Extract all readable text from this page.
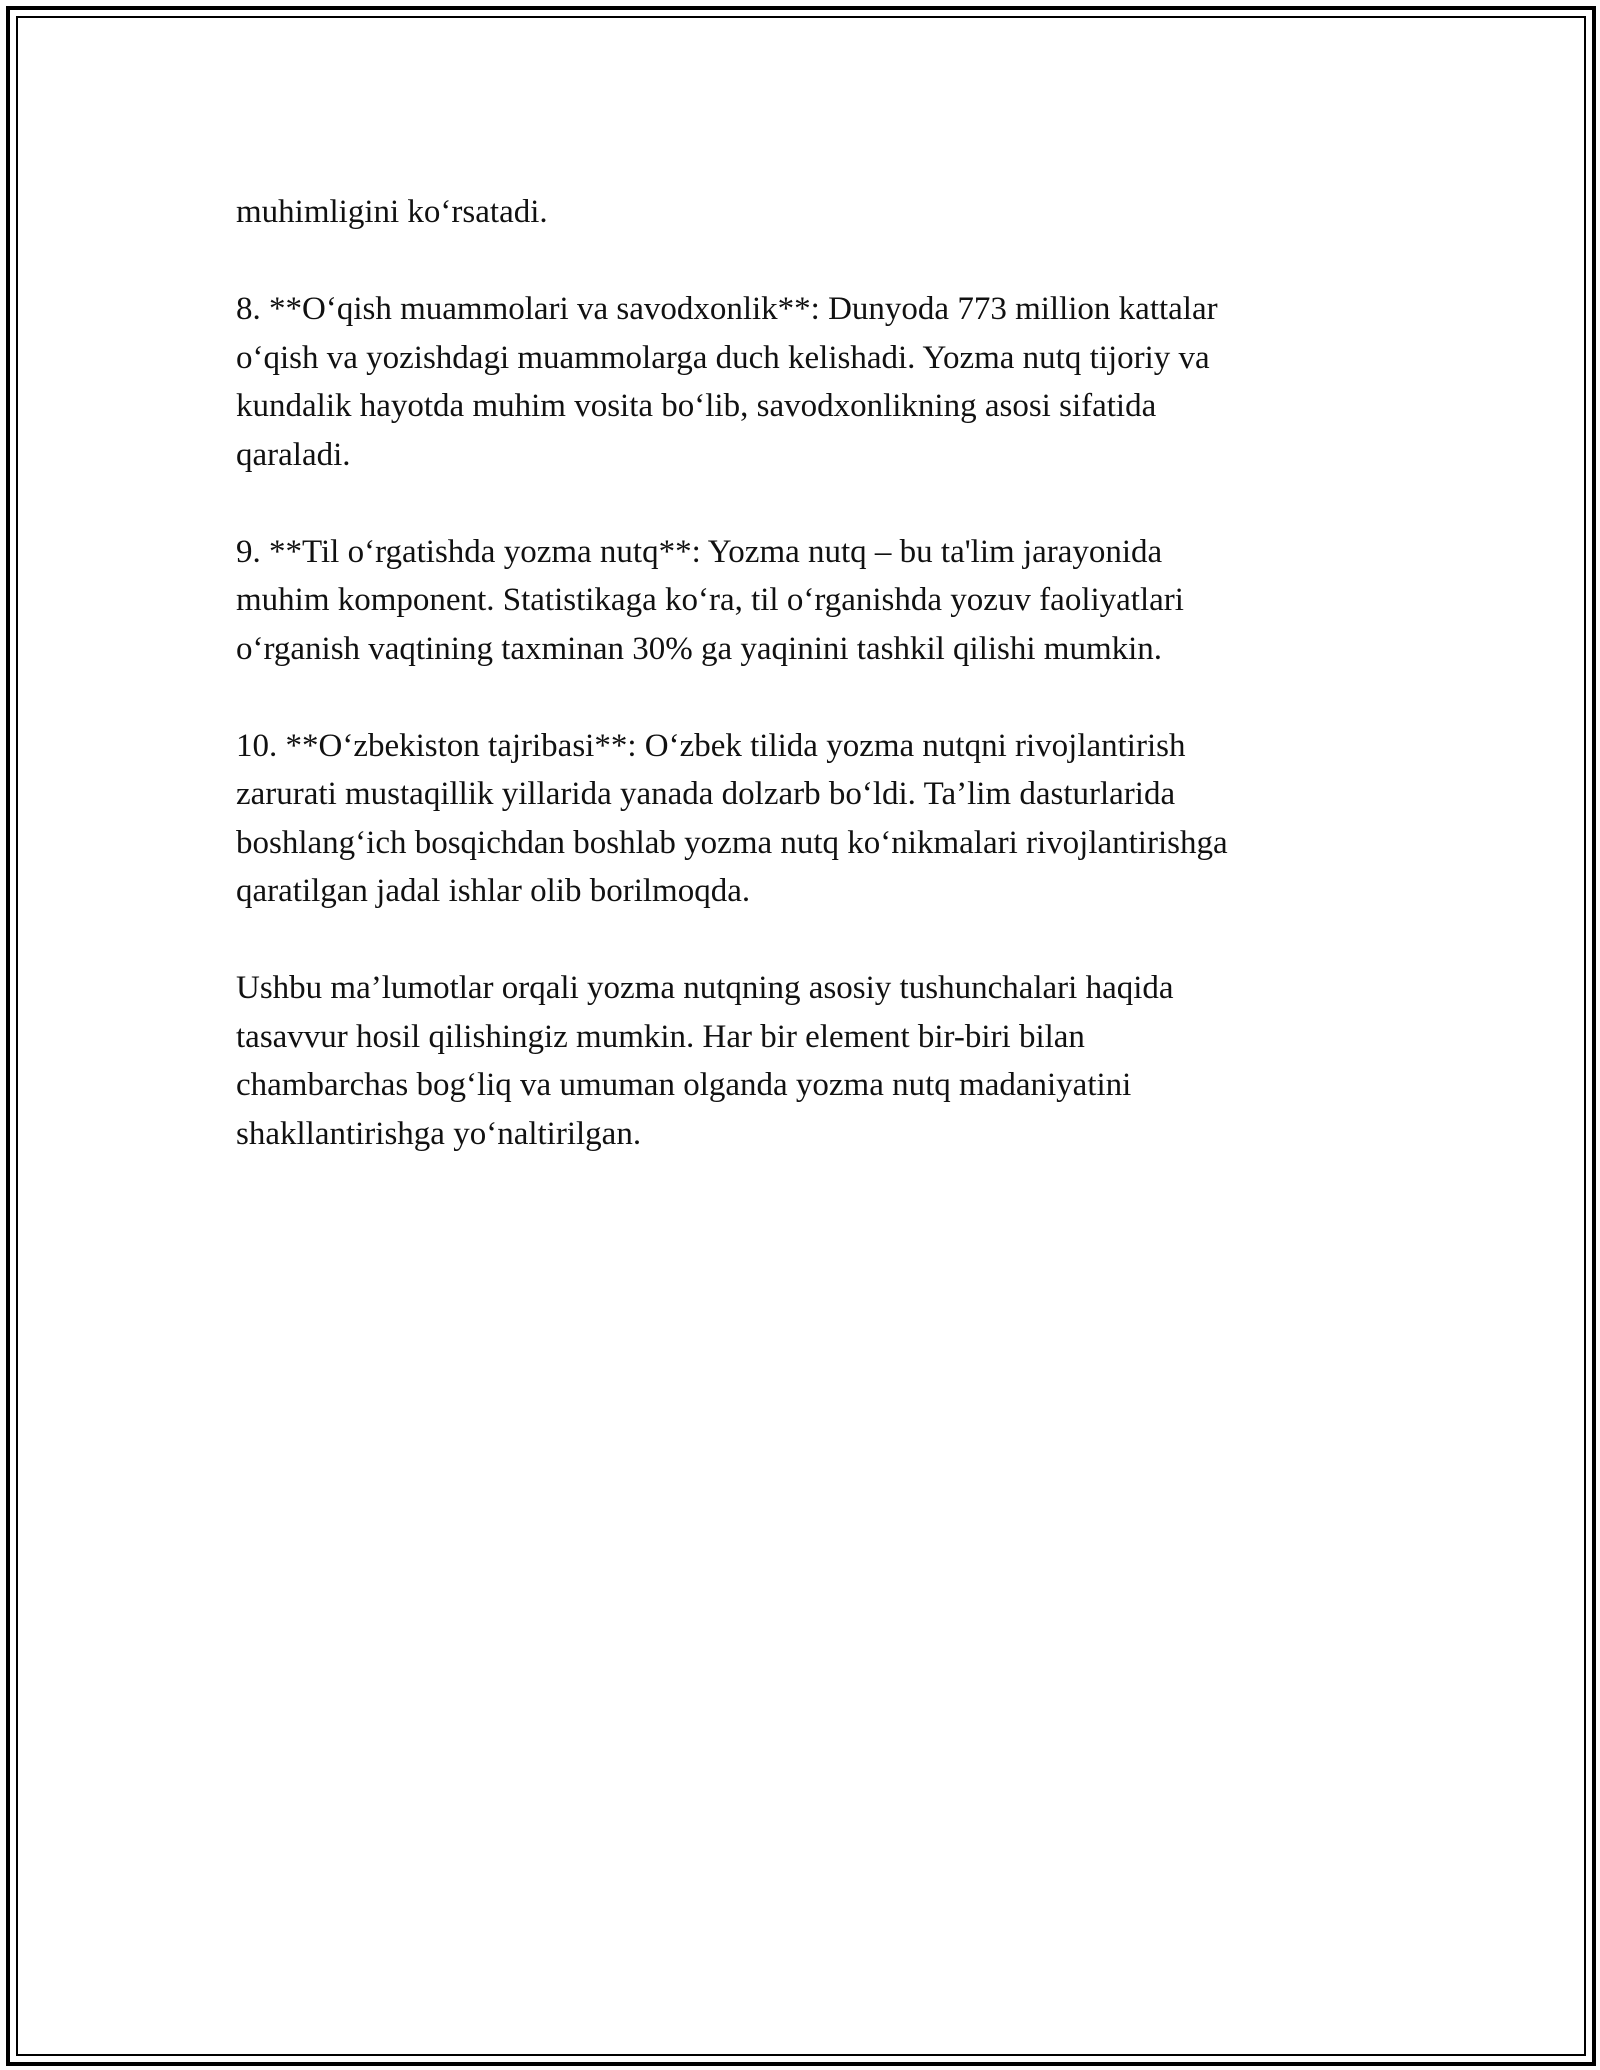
muhimligini ko‘rsatadi.

8. **O‘qish muammolari va savodxonlik**: Dunyoda 773 million kattalar
o‘qish va yozishdagi muammolarga duch kelishadi. Yozma nutq tijoriy va
kundalik hayotda muhim vosita bo‘lib, savodxonlikning asosi sifatida
qaraladi.

9. **Til o‘rgatishda yozma nutq**: Yozma nutq – bu ta'lim jarayonida
muhim komponent. Statistikaga ko‘ra, til o‘rganishda yozuv faoliyatlari
o‘rganish vaqtining taxminan 30% ga yaqinini tashkil qilishi mumkin.

10. **O‘zbekiston tajribasi**: O‘zbek tilida yozma nutqni rivojlantirish
zarurati mustaqillik yillarida yanada dolzarb bo‘ldi. Ta’lim dasturlarida
boshlang‘ich bosqichdan boshlab yozma nutq ko‘nikmalari rivojlantirishga
qaratilgan jadal ishlar olib borilmoqda.

Ushbu ma’lumotlar orqali yozma nutqning asosiy tushunchalari haqida
tasavvur hosil qilishingiz mumkin. Har bir element bir-biri bilan
chambarchas bog‘liq va umuman olganda yozma nutq madaniyatini
shakllantirishga yo‘naltirilgan.
